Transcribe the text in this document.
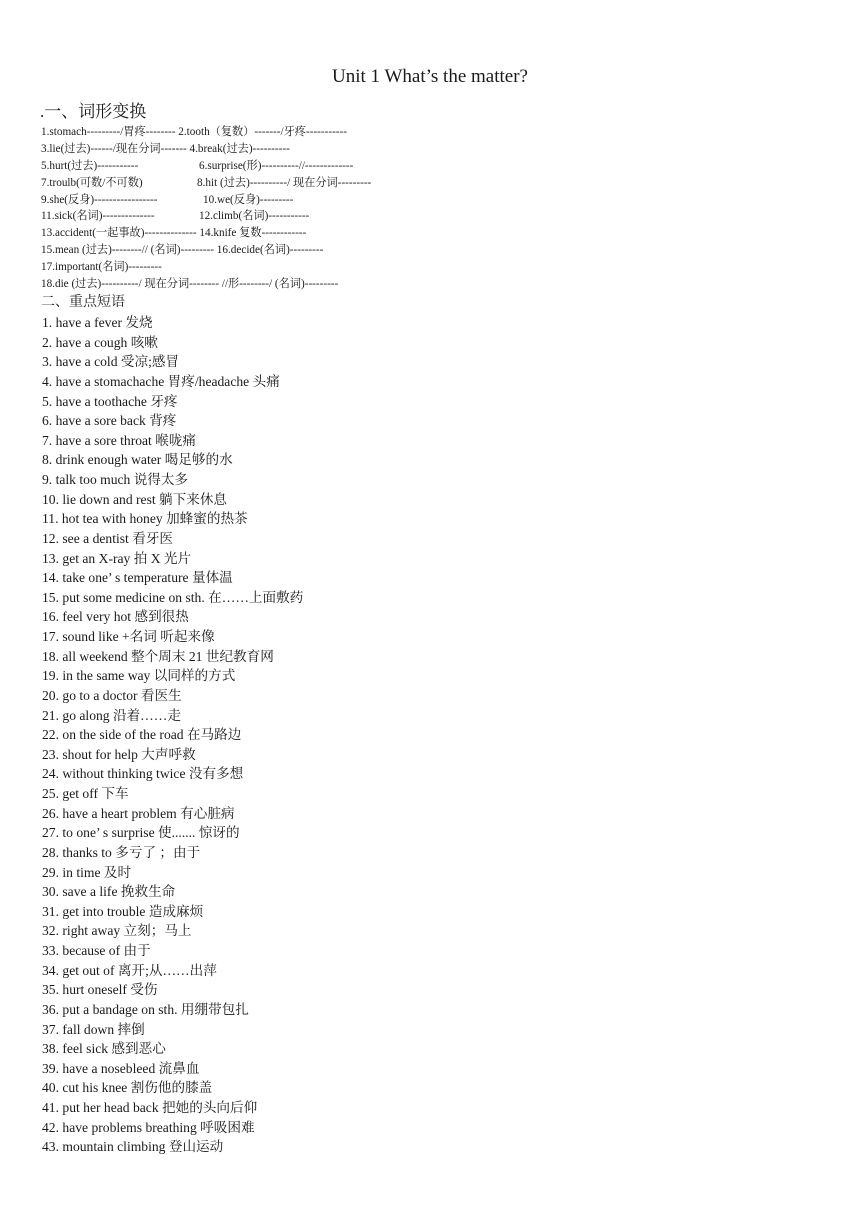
Unit 1 What’s the matter?
.一、词形变换
1.stomach---------/胃疼-------- 2.tooth（复数）-------/牙疼-----------
3.lie(过去)------/现在分词------- 4.break(过去)----------
5.hurt(过去)-----------	6.surprise(形)----------//-------------
7.troulb(可数/不可数)	8.hit (过去)----------/ 现在分词---------
9.she(反身)-----------------	10.we(反身)---------
11.sick(名词)--------------	12.climb(名词)-----------
13.accident(一起事故)-------------- 14.knife 复数------------
15.mean (过去)--------// (名词)--------- 16.decide(名词)---------
17.important(名词)---------
18.die (过去)----------/ 现在分词-------- //形--------/ (名词)---------
二、重点短语
1. have a fever 发烧
2. have a cough 咳嗽
3. have a cold 受凉;感冒
4. have a stomachache 胃疼/headache 头痛
5. have a toothache 牙疼
6. have a sore back 背疼
7. have a sore throat 喉咙痛
8. drink enough water 喝足够的水
9. talk too much 说得太多
10. lie down and rest 躺下来休息
11. hot tea with honey 加蜂蜜的热茶
12. see a dentist 看牙医
13. get an X-ray 拍 X 光片
14. take one’ s temperature 量体温
15. put some medicine on sth. 在……上面敷药
16. feel very hot 感到很热
17. sound like +名词 听起来像
18. all weekend 整个周末 21 世纪教育网
19. in the same way 以同样的方式
20. go to a doctor 看医生
21. go along 沿着……走
22. on the side of the road 在马路边
23. shout for help 大声呼救
24. without thinking twice 没有多想
25. get off 下车
26. have a heart problem 有心脏病
27. to one’ s surprise 使....... 惊讶的
28. thanks to 多亏了 ；由于
29. in time 及时
30. save a life 挽救生命
31. get into trouble 造成麻烦
32. right away 立刻；马上
33. because of 由于
34. get out of 离开;从……出萍
35. hurt oneself 受伤
36. put a bandage on sth. 用绷带包扎
37. fall down 摔倒
38. feel sick 感到恶心
39. have a nosebleed 流鼻血
40. cut his knee 割伤他的膝盖
41. put her head back 把她的头向后仰
42. have problems breathing 呼吸困难
43. mountain climbing 登山运动
